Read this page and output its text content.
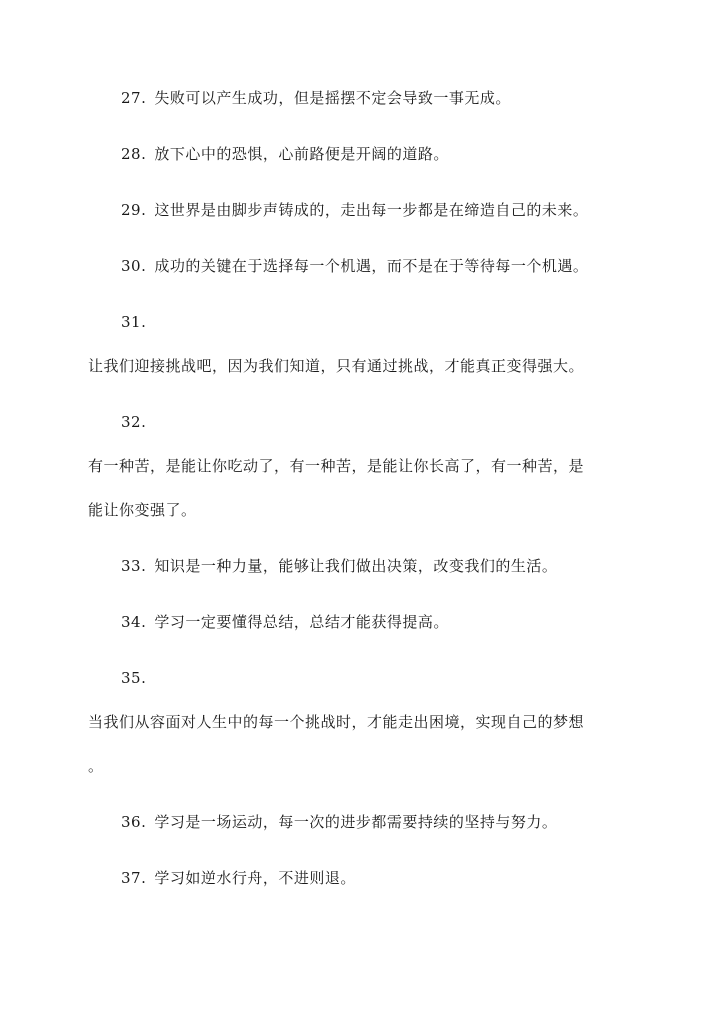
27. 失败可以产生成功，但是摇摆不定会导致一事无成。
28. 放下心中的恐惧，心前路便是开阔的道路。
29. 这世界是由脚步声铸成的，走出每一步都是在缔造自己的未来。
30. 成功的关键在于选择每一个机遇，而不是在于等待每一个机遇。
31.
让我们迎接挑战吧，因为我们知道，只有通过挑战，才能真正变得强大。
32.
有一种苦，是能让你吃动了，有一种苦，是能让你长高了，有一种苦，是
能让你变强了。
33. 知识是一种力量，能够让我们做出决策，改变我们的生活。
34. 学习一定要懂得总结，总结才能获得提高。
35.
当我们从容面对人生中的每一个挑战时，才能走出困境，实现自己的梦想
。
36. 学习是一场运动，每一次的进步都需要持续的坚持与努力。
37. 学习如逆水行舟，不进则退。
